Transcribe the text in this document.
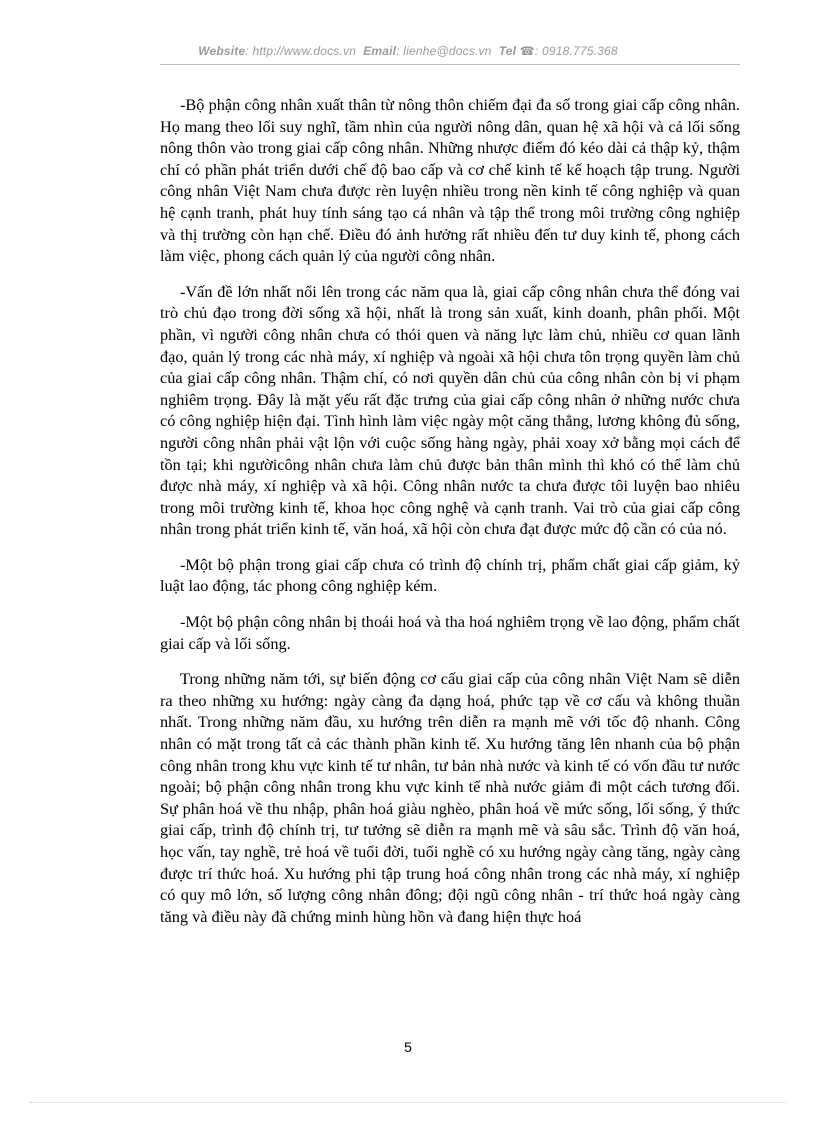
Website: http://www.docs.vn Email: lienhe@docs.vn Tel ☎: 0918.775.368

-Bộ phận công nhân xuất thân từ nông thôn chiếm đại đa số trong giai cấp công nhân. Họ mang theo lối suy nghĩ, tầm nhìn của người nông dân, quan hệ xã hội và cả lối sống nông thôn vào trong giai cấp công nhân. Những nhược điểm đó kéo dài cả thập kỷ, thậm chí có phần phát triển dưới chế độ bao cấp và cơ chế kinh tế kế hoạch tập trung. Người công nhân Việt Nam chưa được rèn luyện nhiều trong nền kinh tế công nghiệp và quan hệ cạnh tranh, phát huy tính sáng tạo cá nhân và tập thể trong môi trường công nghiệp và thị trường còn hạn chế. Điều đó ảnh hưởng rất nhiều đến tư duy kinh tế, phong cách làm việc, phong cách quản lý của người công nhân.

-Vấn đề lớn nhất nổi lên trong các năm qua là, giai cấp công nhân chưa thể đóng vai trò chủ đạo trong đời sống xã hội, nhất là trong sản xuất, kinh doanh, phân phối. Một phần, vì người công nhân chưa có thói quen và năng lực làm chủ, nhiều cơ quan lãnh đạo, quản lý trong các nhà máy, xí nghiệp và ngoài xã hội chưa tôn trọng quyền làm chủ của giai cấp công nhân. Thậm chí, có nơi quyền dân chủ của công nhân còn bị vi phạm nghiêm trọng. Đây là mặt yếu rất đặc trưng của giai cấp công nhân ở những nước chưa có công nghiệp hiện đại. Tình hình làm việc ngày một căng thẳng, lương không đủ sống, người công nhân phải vật lộn với cuộc sống hàng ngày, phải xoay xở bằng mọi cách để tồn tại; khi ngườicông nhân chưa làm chủ được bản thân mình thì khó có thể làm chủ được nhà máy, xí nghiệp và xã hội. Công nhân nước ta chưa được tôi luyện bao nhiêu trong môi trường kinh tế, khoa học công nghệ và cạnh tranh. Vai trò của giai cấp công nhân trong phát triển kinh tế, văn hoá, xã hội còn chưa đạt được mức độ cần có của nó.

-Một bộ phận trong giai cấp chưa có trình độ chính trị, phẩm chất giai cấp giảm, kỷ luật lao động, tác phong công nghiệp kém.

-Một bộ phận công nhân bị thoái hoá và tha hoá nghiêm trọng về lao động, phẩm chất giai cấp và lối sống.

Trong những năm tới, sự biến động cơ cấu giai cấp của công nhân Việt Nam sẽ diễn ra theo những xu hướng: ngày càng đa dạng hoá, phức tạp về cơ cấu và không thuần nhất. Trong những năm đầu, xu hướng trên diễn ra mạnh mẽ với tốc độ nhanh. Công nhân có mặt trong tất cả các thành phần kinh tế. Xu hướng tăng lên nhanh của bộ phận công nhân trong khu vực kinh tế tư nhân, tư bản nhà nước và kinh tế có vốn đầu tư nước ngoài; bộ phận công nhân trong khu vực kinh tế nhà nước giảm đi một cách tương đối. Sự phân hoá về thu nhập, phân hoá giàu nghèo, phân hoá về mức sống, lối sống, ý thức giai cấp, trình độ chính trị, tư tưởng sẽ diễn ra mạnh mẽ và sâu sắc. Trình độ văn hoá, học vấn, tay nghề, trẻ hoá về tuổi đời, tuổi nghề có xu hướng ngày càng tăng, ngày càng được trí thức hoá. Xu hướng phi tập trung hoá công nhân trong các nhà máy, xí nghiệp có quy mô lớn, số lượng công nhân đông; đội ngũ công nhân - trí thức hoá ngày càng tăng và điều này đã chứng minh hùng hồn và đang hiện thực hoá

5
